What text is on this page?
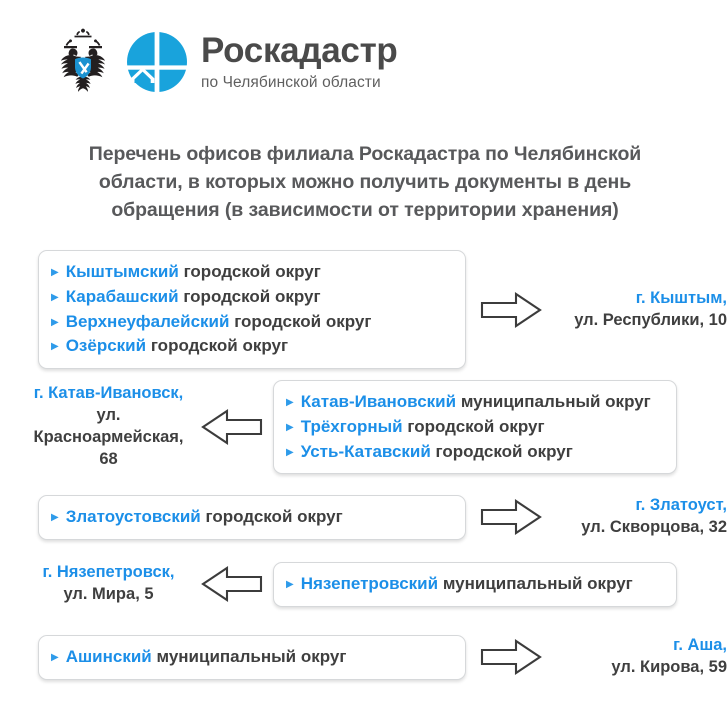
Роскадастр
по Челябинской области
Перечень офисов филиала Роскадастра по Челябинской области, в которых можно получить документы в день обращения (в зависимости от территории хранения)
▶ Кыштымский городской округ
▶ Карабашский городской округ
▶ Верхнеуфалейский городской округ
▶ Озёрский городской округ
г. Кыштым,
ул. Республики, 10
г. Катав-Ивановск,
ул. Красноармейская, 68
▶ Катав-Ивановский муниципальный округ
▶ Трёхгорный городской округ
▶ Усть-Катавский городской округ
▶ Златоустовский городской округ
г. Златоуст,
ул. Скворцова, 32
г. Нязепетровск,
ул. Мира, 5
▶ Нязепетровский муниципальный округ
▶ Ашинский муниципальный округ
г. Аша,
ул. Кирова, 59
